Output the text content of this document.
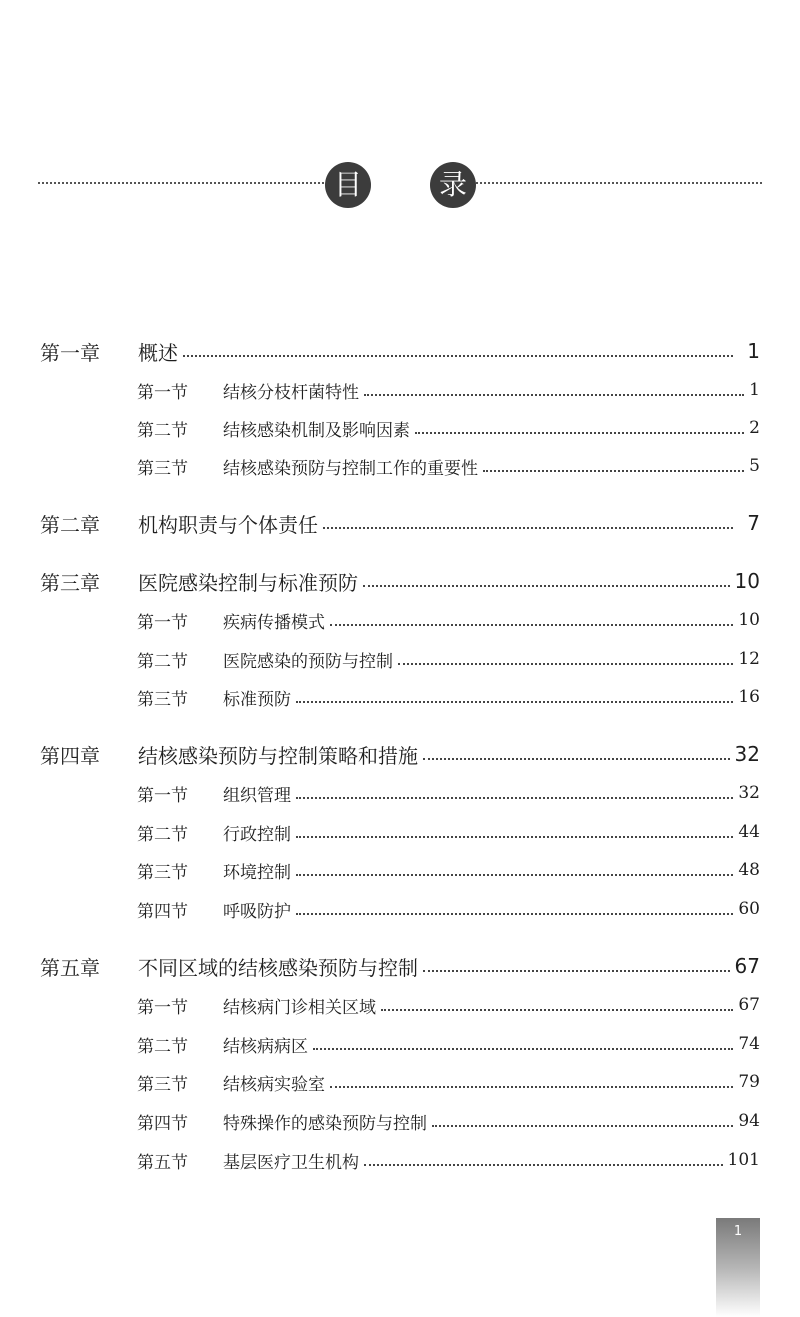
目	录
第一章	概述	1
第一节	结核分枝杆菌特性	1
第二节	结核感染机制及影响因素	2
第三节	结核感染预防与控制工作的重要性	5
第二章	机构职责与个体责任	7
第三章	医院感染控制与标准预防	10
第一节	疾病传播模式	10
第二节	医院感染的预防与控制	12
第三节	标准预防	16
第四章	结核感染预防与控制策略和措施	32
第一节	组织管理	32
第二节	行政控制	44
第三节	环境控制	48
第四节	呼吸防护	60
第五章	不同区域的结核感染预防与控制	67
第一节	结核病门诊相关区域	67
第二节	结核病病区	74
第三节	结核病实验室	79
第四节	特殊操作的感染预防与控制	94
第五节	基层医疗卫生机构	101
1
